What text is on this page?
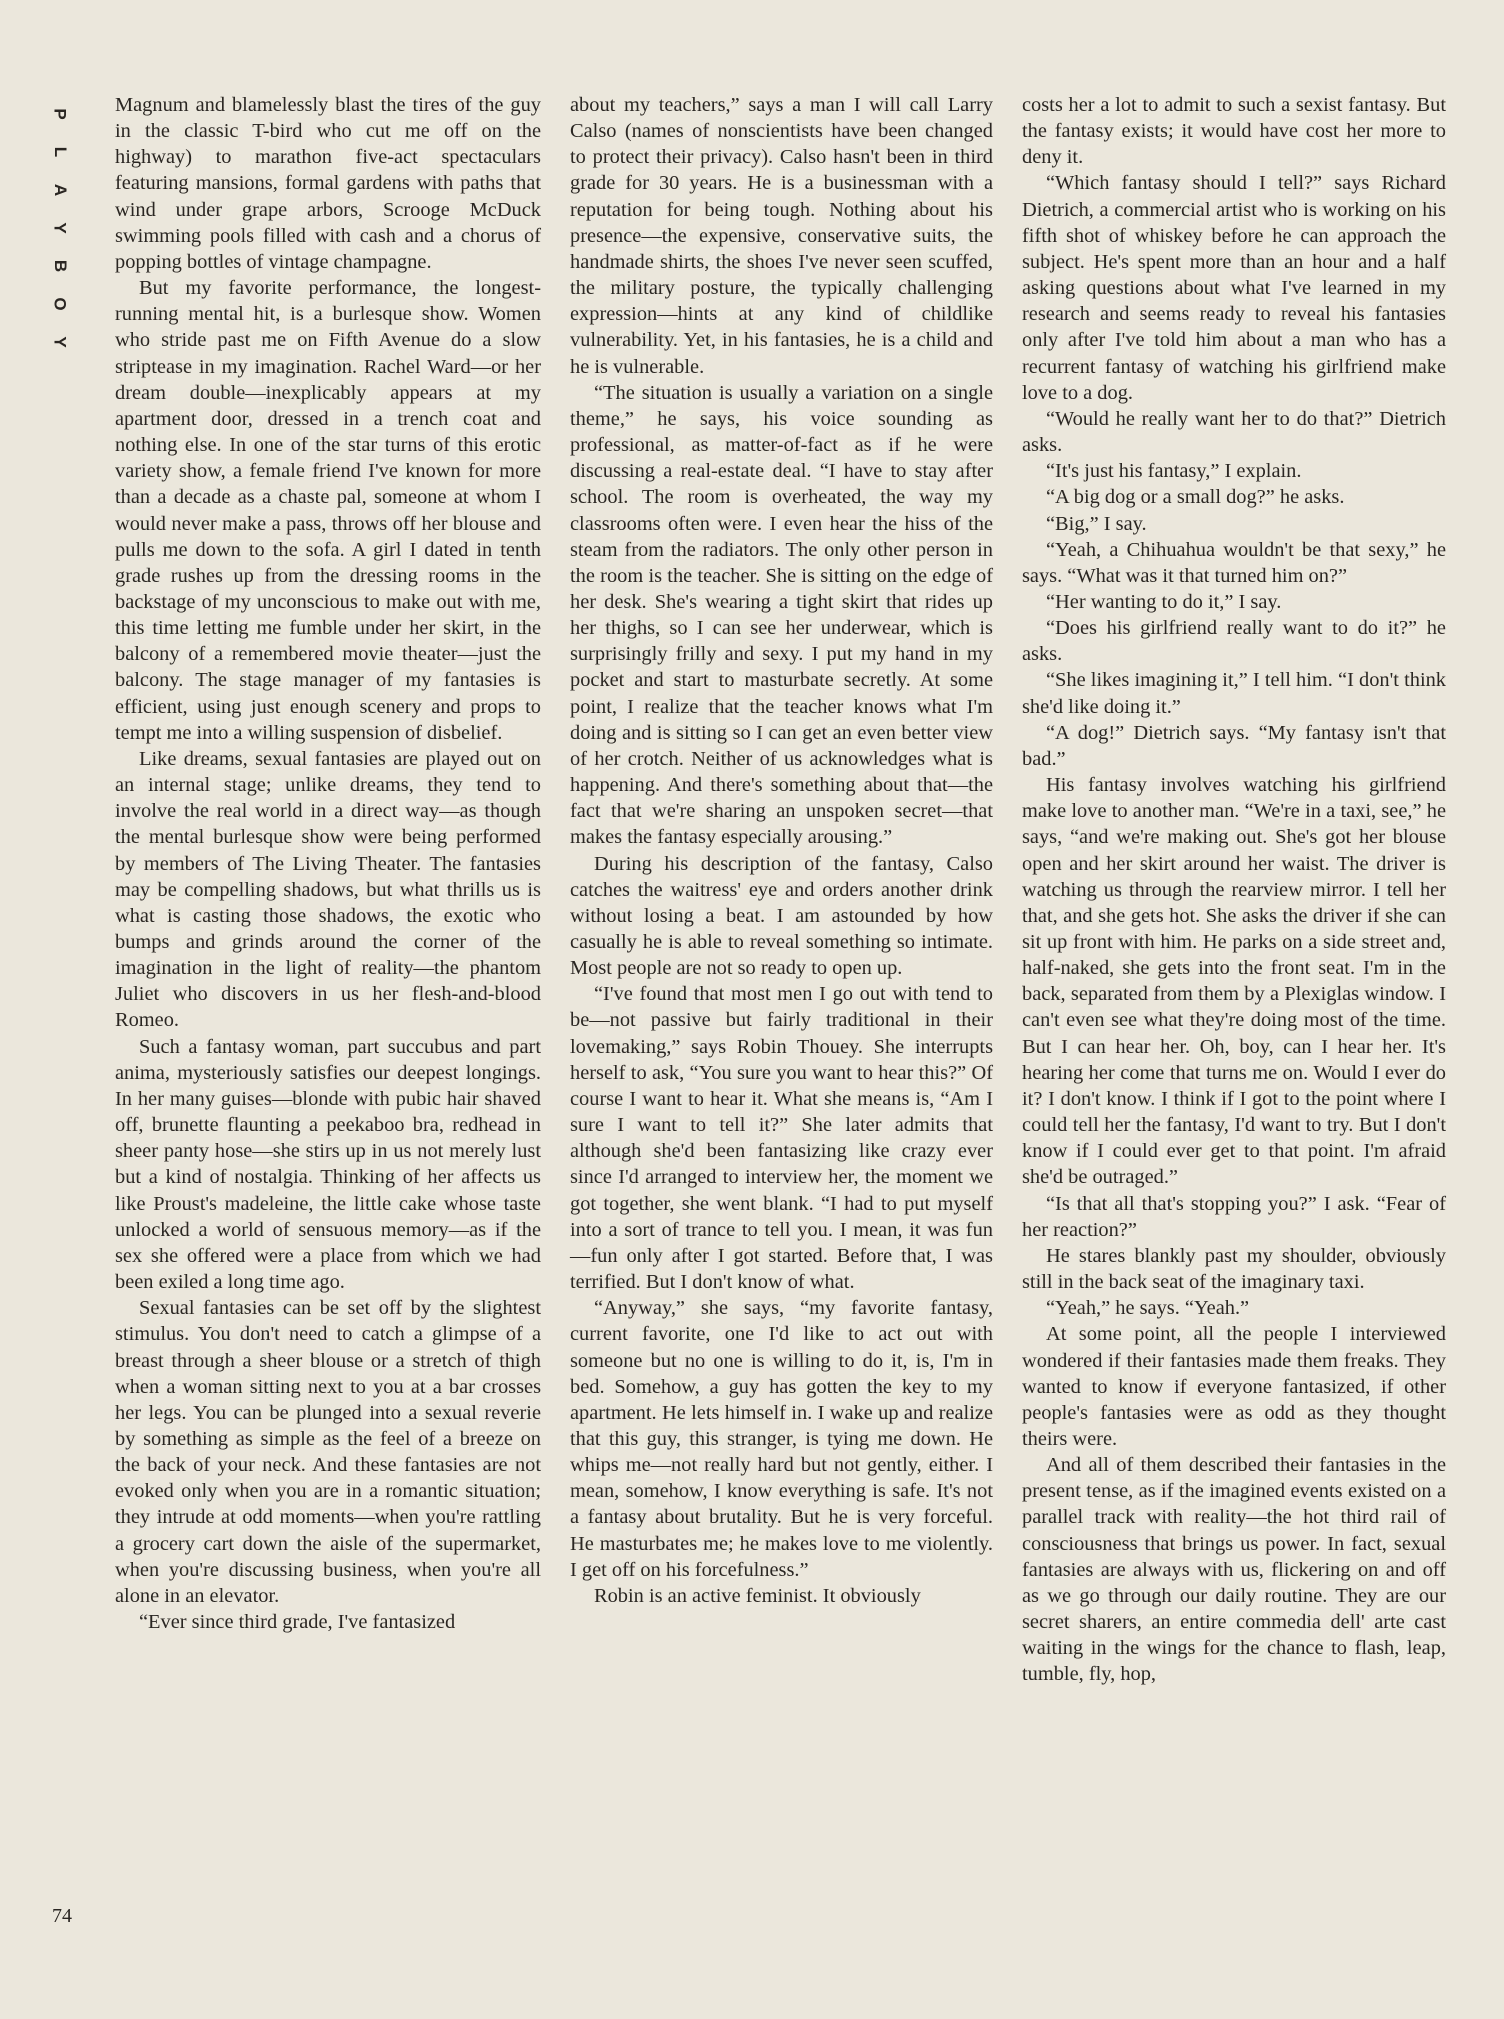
P
L
A
Y
B
O
Y

Magnum and blamelessly blast the tires of the guy in the classic T-bird who cut me off on the highway) to marathon five-act spectaculars featuring mansions, formal gardens with paths that wind under grape arbors, Scrooge McDuck swimming pools filled with cash and a chorus of popping bottles of vintage champagne.

But my favorite performance, the longest-running mental hit, is a burlesque show. Women who stride past me on Fifth Avenue do a slow striptease in my imagination. Rachel Ward—or her dream double—inexplicably appears at my apartment door, dressed in a trench coat and nothing else. In one of the star turns of this erotic variety show, a female friend I've known for more than a decade as a chaste pal, someone at whom I would never make a pass, throws off her blouse and pulls me down to the sofa. A girl I dated in tenth grade rushes up from the dressing rooms in the backstage of my unconscious to make out with me, this time letting me fumble under her skirt, in the balcony of a remembered movie theater—just the balcony. The stage manager of my fantasies is efficient, using just enough scenery and props to tempt me into a willing suspension of disbelief.

Like dreams, sexual fantasies are played out on an internal stage; unlike dreams, they tend to involve the real world in a direct way—as though the mental burlesque show were being performed by members of The Living Theater. The fantasies may be compelling shadows, but what thrills us is what is casting those shadows, the exotic who bumps and grinds around the corner of the imagination in the light of reality—the phantom Juliet who discovers in us her flesh-and-blood Romeo.

Such a fantasy woman, part succubus and part anima, mysteriously satisfies our deepest longings. In her many guises—blonde with pubic hair shaved off, brunette flaunting a peekaboo bra, redhead in sheer panty hose—she stirs up in us not merely lust but a kind of nostalgia. Thinking of her affects us like Proust's madeleine, the little cake whose taste unlocked a world of sensuous memory—as if the sex she offered were a place from which we had been exiled a long time ago.

Sexual fantasies can be set off by the slightest stimulus. You don't need to catch a glimpse of a breast through a sheer blouse or a stretch of thigh when a woman sitting next to you at a bar crosses her legs. You can be plunged into a sexual reverie by something as simple as the feel of a breeze on the back of your neck. And these fantasies are not evoked only when you are in a romantic situation; they intrude at odd moments—when you're rattling a grocery cart down the aisle of the supermarket, when you're discussing business, when you're all alone in an elevator.

“Ever since third grade, I've fantasized

about my teachers,” says a man I will call Larry Calso (names of nonscientists have been changed to protect their privacy). Calso hasn't been in third grade for 30 years. He is a businessman with a reputation for being tough. Nothing about his presence—the expensive, conservative suits, the handmade shirts, the shoes I've never seen scuffed, the military posture, the typically challenging expression—hints at any kind of childlike vulnerability. Yet, in his fantasies, he is a child and he is vulnerable.

“The situation is usually a variation on a single theme,” he says, his voice sounding as professional, as matter-of-fact as if he were discussing a real-estate deal. “I have to stay after school. The room is overheated, the way my classrooms often were. I even hear the hiss of the steam from the radiators. The only other person in the room is the teacher. She is sitting on the edge of her desk. She's wearing a tight skirt that rides up her thighs, so I can see her underwear, which is surprisingly frilly and sexy. I put my hand in my pocket and start to masturbate secretly. At some point, I realize that the teacher knows what I'm doing and is sitting so I can get an even better view of her crotch. Neither of us acknowledges what is happening. And there's something about that—the fact that we're sharing an unspoken secret—that makes the fantasy especially arousing.”

During his description of the fantasy, Calso catches the waitress' eye and orders another drink without losing a beat. I am astounded by how casually he is able to reveal something so intimate. Most people are not so ready to open up.

“I've found that most men I go out with tend to be—not passive but fairly traditional in their lovemaking,” says Robin Thouey. She interrupts herself to ask, “You sure you want to hear this?” Of course I want to hear it. What she means is, “Am I sure I want to tell it?” She later admits that although she'd been fantasizing like crazy ever since I'd arranged to interview her, the moment we got together, she went blank. “I had to put myself into a sort of trance to tell you. I mean, it was fun—fun only after I got started. Before that, I was terrified. But I don't know of what.

“Anyway,” she says, “my favorite fantasy, current favorite, one I'd like to act out with someone but no one is willing to do it, is, I'm in bed. Somehow, a guy has gotten the key to my apartment. He lets himself in. I wake up and realize that this guy, this stranger, is tying me down. He whips me—not really hard but not gently, either. I mean, somehow, I know everything is safe. It's not a fantasy about brutality. But he is very forceful. He masturbates me; he makes love to me violently. I get off on his forcefulness.”

Robin is an active feminist. It obviously

costs her a lot to admit to such a sexist fantasy. But the fantasy exists; it would have cost her more to deny it.

“Which fantasy should I tell?” says Richard Dietrich, a commercial artist who is working on his fifth shot of whiskey before he can approach the subject. He's spent more than an hour and a half asking questions about what I've learned in my research and seems ready to reveal his fantasies only after I've told him about a man who has a recurrent fantasy of watching his girlfriend make love to a dog.

“Would he really want her to do that?” Dietrich asks.

“It's just his fantasy,” I explain.

“A big dog or a small dog?” he asks.

“Big,” I say.

“Yeah, a Chihuahua wouldn't be that sexy,” he says. “What was it that turned him on?”

“Her wanting to do it,” I say.

“Does his girlfriend really want to do it?” he asks.

“She likes imagining it,” I tell him. “I don't think she'd like doing it.”

“A dog!” Dietrich says. “My fantasy isn't that bad.”

His fantasy involves watching his girlfriend make love to another man. “We're in a taxi, see,” he says, “and we're making out. She's got her blouse open and her skirt around her waist. The driver is watching us through the rearview mirror. I tell her that, and she gets hot. She asks the driver if she can sit up front with him. He parks on a side street and, half-naked, she gets into the front seat. I'm in the back, separated from them by a Plexiglas window. I can't even see what they're doing most of the time. But I can hear her. Oh, boy, can I hear her. It's hearing her come that turns me on. Would I ever do it? I don't know. I think if I got to the point where I could tell her the fantasy, I'd want to try. But I don't know if I could ever get to that point. I'm afraid she'd be outraged.”

“Is that all that's stopping you?” I ask. “Fear of her reaction?”

He stares blankly past my shoulder, obviously still in the back seat of the imaginary taxi.

“Yeah,” he says. “Yeah.”

At some point, all the people I interviewed wondered if their fantasies made them freaks. They wanted to know if everyone fantasized, if other people's fantasies were as odd as they thought theirs were.

And all of them described their fantasies in the present tense, as if the imagined events existed on a parallel track with reality—the hot third rail of consciousness that brings us power. In fact, sexual fantasies are always with us, flickering on and off as we go through our daily routine. They are our secret sharers, an entire commedia dell' arte cast waiting in the wings for the chance to flash, leap, tumble, fly, hop,

74
